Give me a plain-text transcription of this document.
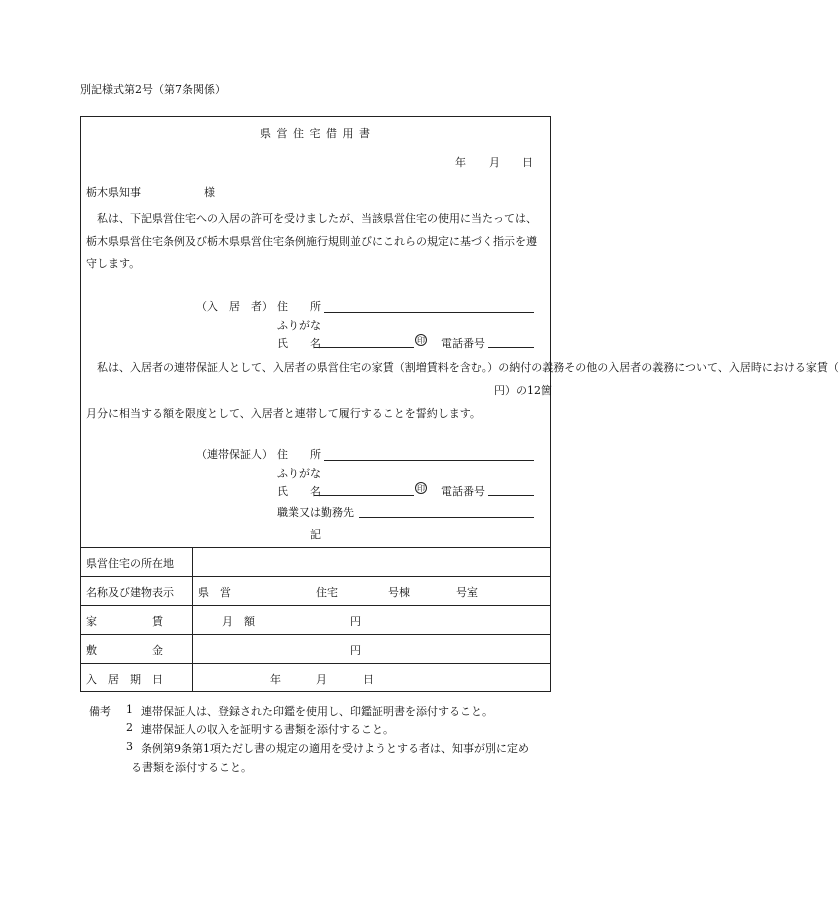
別記様式第2号（第7条関係）
県 営 住 宅 借 用 書
年 月 日
栃木県知事	様
私は、下記県営住宅への入居の許可を受けましたが、当該県営住宅の使用に当たっては、栃木県県営住宅条例及び栃木県県営住宅条例施行規則並びにこれらの規定に基づく指示を遵守します。
（入　居　者） 住　　所
ふりがな
氏　　名	印 電話番号
私は、入居者の連帯保証人として、入居者の県営住宅の家賃（割増賃料を含む。）の納付の義務その他の入居者の義務について、入居時における家賃（
円）の12箇
月分に相当する額を限度として、入居者と連帯して履行することを誓約します。
（連帯保証人） 住　　所
ふりがな
氏　　名	印 電話番号
職業又は勤務先
記
県営住宅の所在地
名称及び建物表示 県　営	住宅	号棟	号室
家　　　　　賃	月　額	円
敷　　　　　金	円
入　居　期　日	年	月	日
備考 1 連帯保証人は、登録された印鑑を使用し、印鑑証明書を添付すること。
2 連帯保証人の収入を証明する書類を添付すること。
3 条例第9条第1項ただし書の規定の適用を受けようとする者は、知事が別に定め
る書類を添付すること。
